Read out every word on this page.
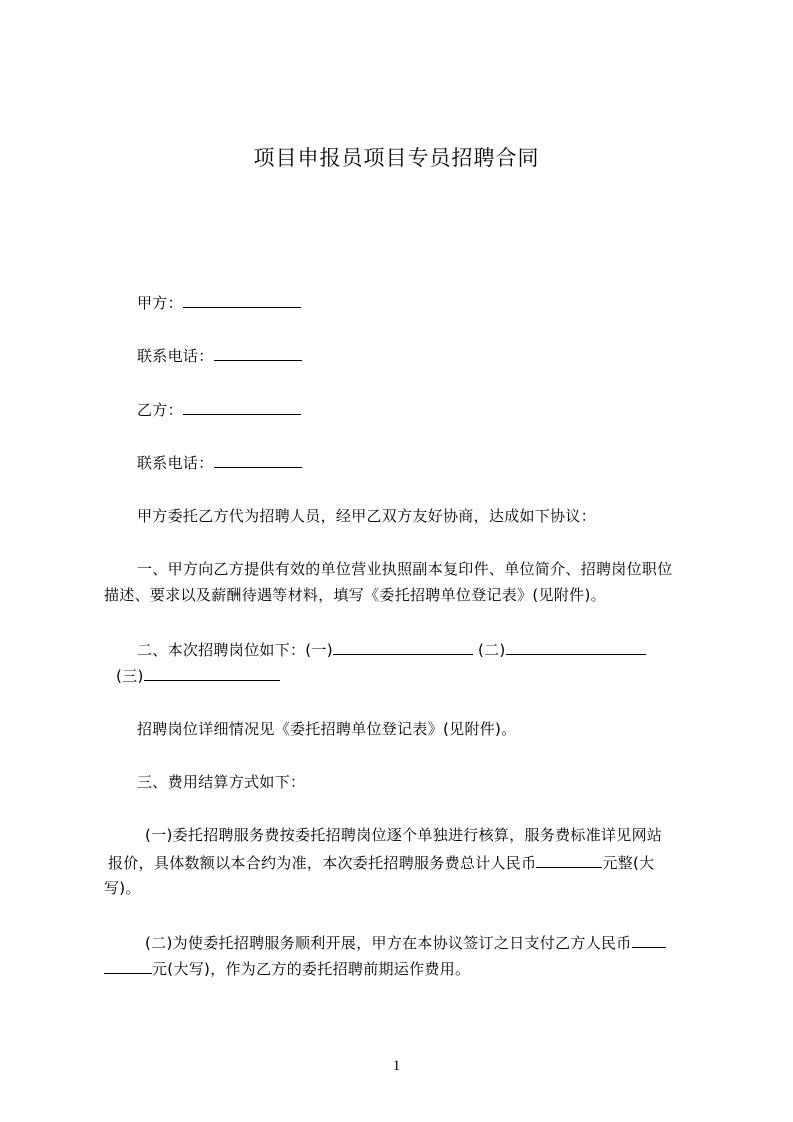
项目申报员项目专员招聘合同
甲方：
联系电话：
乙方：
联系电话：
甲方委托乙方代为招聘人员，经甲乙双方友好协商，达成如下协议：
一、甲方向乙方提供有效的单位营业执照副本复印件、单位简介、招聘岗位职位
描述、要求以及薪酬待遇等材料，填写《委托招聘单位登记表》(见附件)。
二、本次招聘岗位如下：(一)	(二)
(三)
招聘岗位详细情况见《委托招聘单位登记表》(见附件)。
三、费用结算方式如下：
(一)委托招聘服务费按委托招聘岗位逐个单独进行核算，服务费标准详见网站
报价，具体数额以本合约为准，本次委托招聘服务费总计人民币	元整(大
写)。
(二)为使委托招聘服务顺利开展，甲方在本协议签订之日支付乙方人民币
元(大写)，作为乙方的委托招聘前期运作费用。
1
